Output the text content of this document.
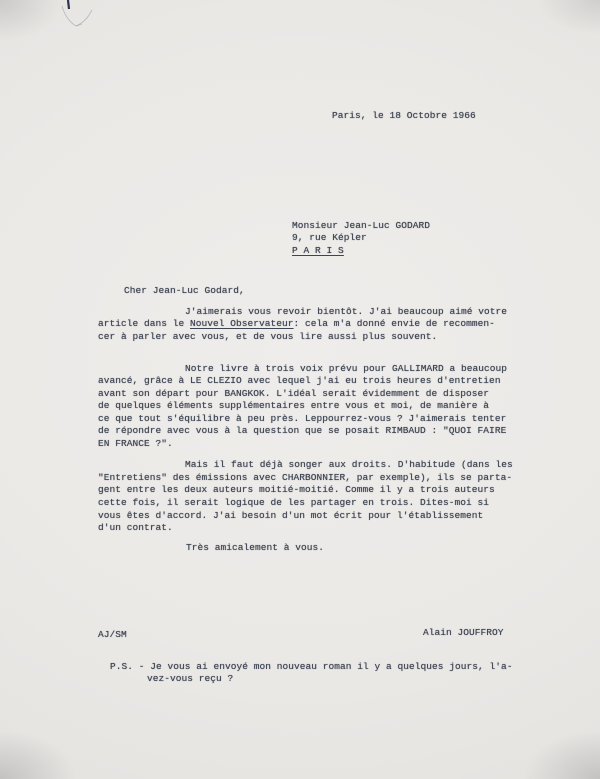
Paris, le 18 Octobre 1966
Monsieur Jean-Luc GODARD
9, rue Képler
P A R I S
Cher Jean-Luc Godard,
J'aimerais vous revoir bientôt. J'ai beaucoup aimé votre
article dans le Nouvel Observateur: cela m'a donné envie de recommen-
cer à parler avec vous, et de vous lire aussi plus souvent.
Notre livre à trois voix prévu pour GALLIMARD a beaucoup
avancé, grâce à LE CLEZIO avec lequel j'ai eu trois heures d'entretien
avant son départ pour BANGKOK. L'idéal serait évidemment de disposer
de quelques éléments supplémentaires entre vous et moi, de manière à
ce que tout s'équilibre à peu près. Leppourrez-vous ? J'aimerais tenter
de répondre avec vous à la question que se posait RIMBAUD : "QUOI FAIRE
EN FRANCE ?".
Mais il faut déjà songer aux droits. D'habitude (dans les
"Entretiens" des émissions avec CHARBONNIER, par exemple), ils se parta-
gent entre les deux auteurs moitié-moitié. Comme il y a trois auteurs
cette fois, il serait logique de les partager en trois. Dites-moi si
vous êtes d'accord. J'ai besoin d'un mot écrit pour l'établissement
d'un contrat.
Très amicalement à vous.
AJ/SM	Alain JOUFFROY
P.S. - Je vous ai envoyé mon nouveau roman il y a quelques jours, l'a-
vez-vous reçu ?
